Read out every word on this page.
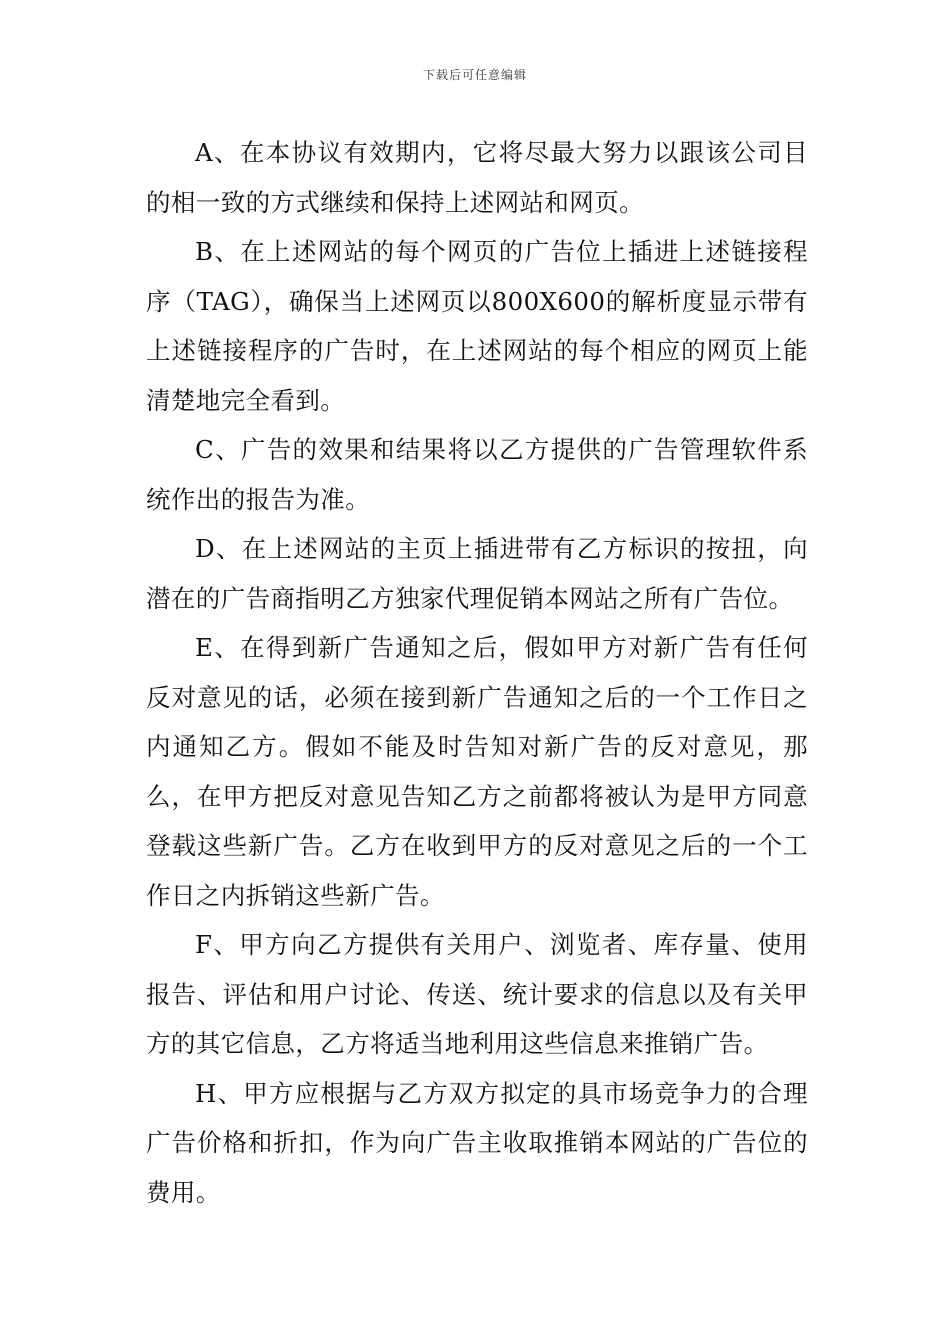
下载后可任意编辑

A、在本协议有效期内，它将尽最大努力以跟该公司目的相一致的方式继续和保持上述网站和网页。

B、在上述网站的每个网页的广告位上插进上述链接程序（TAG），确保当上述网页以800X600的解析度显示带有上述链接程序的广告时，在上述网站的每个相应的网页上能清楚地完全看到。

C、广告的效果和结果将以乙方提供的广告管理软件系统作出的报告为准。

D、在上述网站的主页上插进带有乙方标识的按扭，向潜在的广告商指明乙方独家代理促销本网站之所有广告位。

E、在得到新广告通知之后，假如甲方对新广告有任何反对意见的话，必须在接到新广告通知之后的一个工作日之内通知乙方。假如不能及时告知对新广告的反对意见，那么，在甲方把反对意见告知乙方之前都将被认为是甲方同意登载这些新广告。乙方在收到甲方的反对意见之后的一个工作日之内拆销这些新广告。

F、甲方向乙方提供有关用户、浏览者、库存量、使用报告、评估和用户讨论、传送、统计要求的信息以及有关甲方的其它信息，乙方将适当地利用这些信息来推销广告。

H、甲方应根据与乙方双方拟定的具市场竞争力的合理广告价格和折扣，作为向广告主收取推销本网站的广告位的费用。
